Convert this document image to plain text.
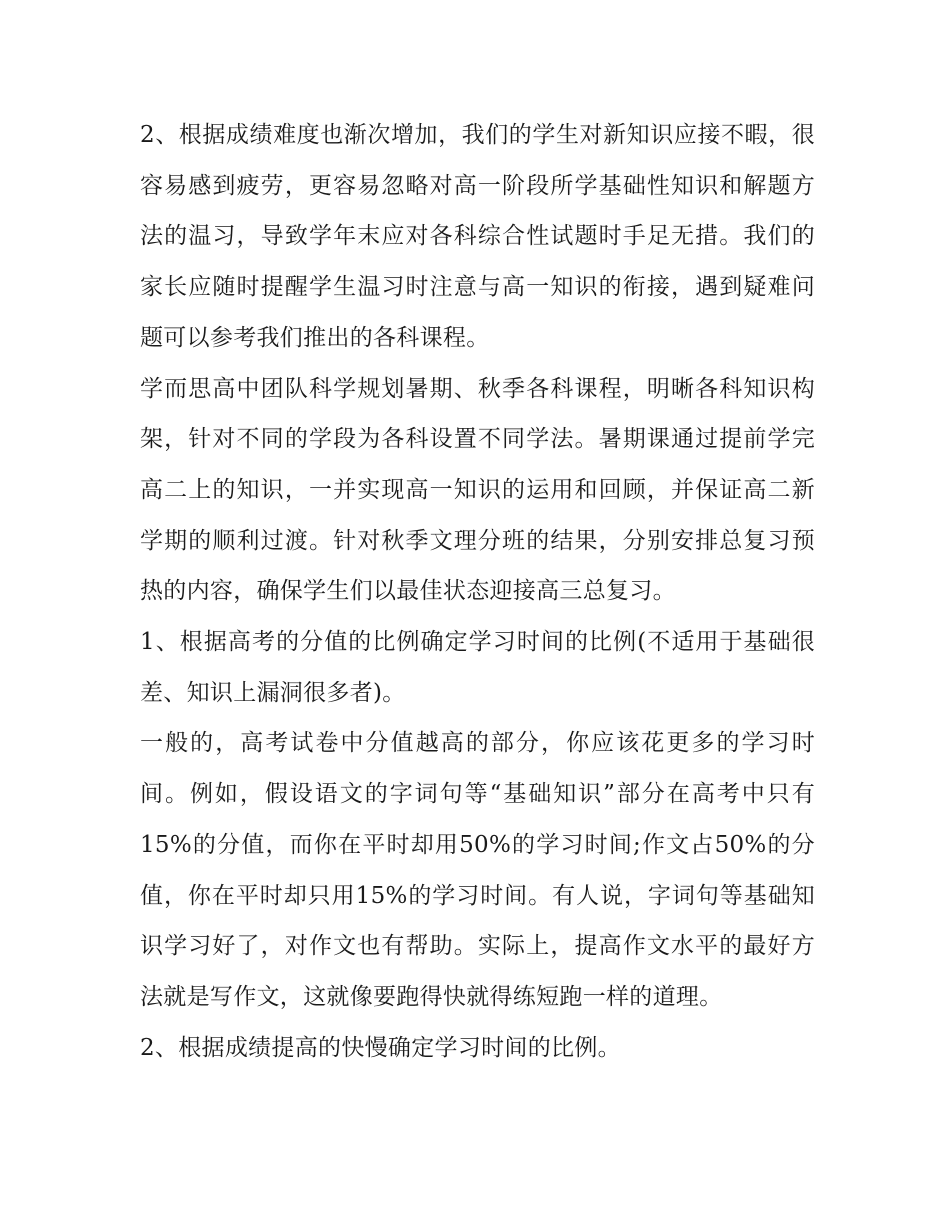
2、根据成绩难度也渐次增加，我们的学生对新知识应接不暇，很容易感到疲劳，更容易忽略对高一阶段所学基础性知识和解题方法的温习，导致学年末应对各科综合性试题时手足无措。我们的家长应随时提醒学生温习时注意与高一知识的衔接，遇到疑难问题可以参考我们推出的各科课程。

学而思高中团队科学规划暑期、秋季各科课程，明晰各科知识构架，针对不同的学段为各科设置不同学法。暑期课通过提前学完高二上的知识，一并实现高一知识的运用和回顾，并保证高二新学期的顺利过渡。针对秋季文理分班的结果，分别安排总复习预热的内容，确保学生们以最佳状态迎接高三总复习。

1、根据高考的分值的比例确定学习时间的比例(不适用于基础很差、知识上漏洞很多者)。

一般的，高考试卷中分值越高的部分，你应该花更多的学习时间。例如，假设语文的字词句等“基础知识”部分在高考中只有15%的分值，而你在平时却用50%的学习时间;作文占50%的分值，你在平时却只用15%的学习时间。有人说，字词句等基础知识学习好了，对作文也有帮助。实际上，提高作文水平的最好方法就是写作文，这就像要跑得快就得练短跑一样的道理。

2、根据成绩提高的快慢确定学习时间的比例。
